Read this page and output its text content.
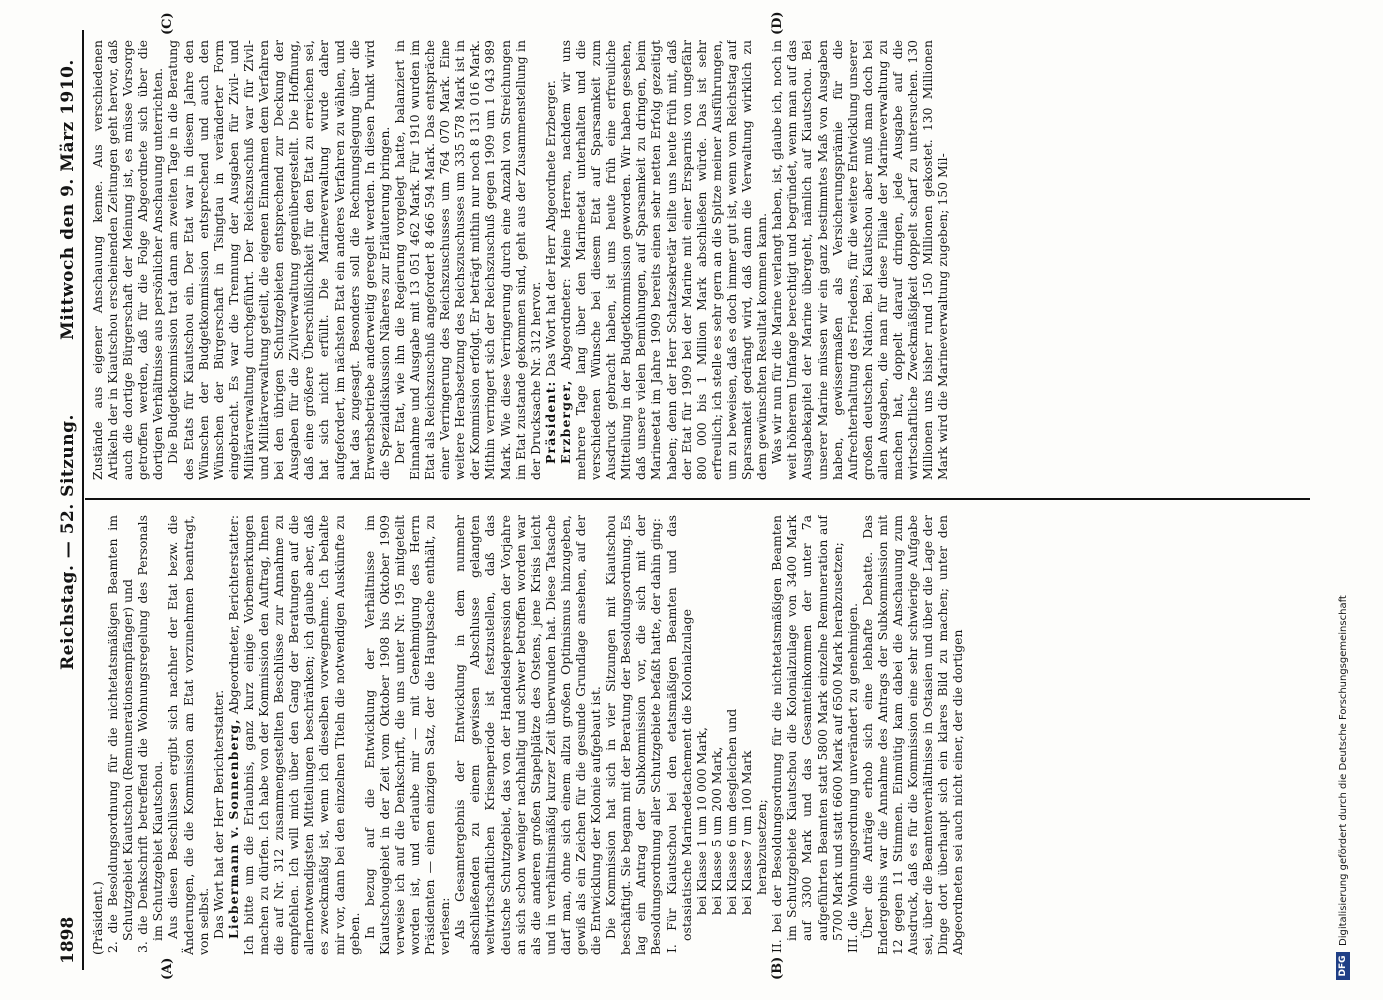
1898
Reichstag. — 52. Sitzung.
Mittwoch den 9. März 1910.
(A)	(B)
(C)	(D)

(Präsident.) 2. die Besoldungsordnung für die nichtetatsmäßigen Beamten im Schutzgebiet Kiautschou (Remunerationsempfänger) und 3. die Denkschrift betreffend die Wohnungsregelung des Personals im Schutzgebiet Kiautschou. Aus diesen Beschlüssen ergibt sich nachher der Etat bezw. die Änderungen, die die Kommission am Etat vorzunehmen beantragt, von selbst. Das Wort hat der Herr Berichterstatter. Liebermann v. Sonnenberg, Abgeordneter, Berichterstatter: Ich bitte um die Erlaubnis, ganz kurz einige Vorbemerkungen machen zu dürfen. Ich habe von der Kommission den Auftrag, Ihnen die auf Nr. 312 zusammengestellten Beschlüsse zur Annahme zu empfehlen. Ich will mich über den Gang der Beratungen auf die allernotwendigsten Mitteilungen beschränken; ich glaube aber, daß es zweckmäßig ist, wenn ich dieselben vorwegnehme. Ich behalte mir vor, dann bei den einzelnen Titeln die notwendigen Auskünfte zu geben. In bezug auf die Entwicklung der Verhältnisse im Kiautschougebiet in der Zeit vom Oktober 1908 bis Oktober 1909 verweise ich auf die Denkschrift, die uns unter Nr. 195 mitgeteilt worden ist, und erlaube mir — mit Genehmigung des Herrn Präsidenten — einen einzigen Satz, der die Hauptsache enthält, zu verlesen: Als Gesamtergebnis der Entwicklung in dem nunmehr abschließenden zu einem gewissen Abschlusse gelangten weltwirtschaftlichen Krisenperiode ist festzustellen, daß das deutsche Schutzgebiet, das von der Handelsdepression der Vorjahre an sich schon weniger nachhaltig und schwer betroffen worden war als die anderen großen Stapelplätze des Ostens, jene Krisis leicht und in verhältnismäßig kurzer Zeit überwunden hat. Diese Tatsache darf man, ohne sich einem allzu großen Optimismus hinzugeben, gewiß als ein Zeichen für die gesunde Grundlage ansehen, auf der die Entwicklung der Kolonie aufgebaut ist. Die Kommission hat sich in vier Sitzungen mit Kiautschou beschäftigt. Sie begann mit der Beratung der Besoldungsordnung. Es lag ein Antrag der Subkommission vor, die sich mit der Besoldungsordnung aller Schutzgebiete befaßt hatte, der dahin ging: I. Für Kiautschou bei den etatsmäßigen Beamten und das ostasiatische Marinedetachement die Kolonialzulage bei Klasse 1 um 10 000 Mark, bei Klasse 5 um 200 Mark, bei Klasse 6 um desgleichen und bei Klasse 7 um 100 Mark herabzusetzen; II. bei der Besoldungsordnung für die nichtetatsmäßigen Beamten im Schutzgebiete Kiautschou die Kolonialzulage von 3400 Mark auf 3300 Mark und das Gesamteinkommen der unter 7a aufgeführten Beamten statt 5800 Mark einzelne Remuneration auf 5700 Mark und statt 6600 Mark auf 6500 Mark herabzusetzen; III. die Wohnungsordnung unverändert zu genehmigen. Über die Anträge erhob sich eine lebhafte Debatte. Das Endergebnis war die Annahme des Antrags der Subkommission mit 12 gegen 11 Stimmen. Einmütig kam dabei die Anschauung zum Ausdruck, daß es für die Kommission eine sehr schwierige Aufgabe sei, über die Beamtenverhältnisse in Ostasien und über die Lage der Dinge dort überhaupt sich ein klares Bild zu machen; unter den Abgeordneten sei auch nicht einer, der die dortigen

Zustände aus eigener Anschauung kenne. Aus verschiedenen Artikeln der in Kiautschou erscheinenden Zeitungen geht hervor, daß auch die dortige Bürgerschaft der Meinung ist, es müsse Vorsorge getroffen werden, daß für die Folge Abgeordnete sich über die dortigen Verhältnisse aus persönlicher Anschauung unterrichten. Die Budgetkommission trat dann am zweiten Tage in die Beratung des Etats für Kiautschou ein. Der Etat war in diesem Jahre den Wünschen der Budgetkommission entsprechend und auch den Wünschen der Bürgerschaft in Tsingtau in veränderter Form eingebracht. Es war die Trennung der Ausgaben für Zivil- und Militärverwaltung durchgeführt. Der Reichszuschuß war für Zivil- und Militärverwaltung geteilt, die eigenen Einnahmen dem Verfahren bei den übrigen Schutzgebieten entsprechend zur Deckung der Ausgaben für die Zivilverwaltung gegenübergestellt. Die Hoffnung, daß eine größere Überschüßlichkeit für den Etat zu erreichen sei, hat sich nicht erfüllt. Die Marineverwaltung wurde daher aufgefordert, im nächsten Etat ein anderes Verfahren zu wählen, und hat das zugesagt. Besonders soll die Rechnungslegung über die Erwerbsbetriebe anderweitig geregelt werden. In diesen Punkt wird die Spezialdiskussion Näheres zur Erläuterung bringen. Der Etat, wie ihn die Regierung vorgelegt hatte, balanziert in Einnahme und Ausgabe mit 13 051 462 Mark. Für 1910 wurden im Etat als Reichszuschuß angefordert 8 466 594 Mark. Das entspräche einer Verringerung des Reichszuschusses um 764 070 Mark. Eine weitere Herabsetzung des Reichszuschusses um 335 578 Mark ist in der Kommission erfolgt. Er beträgt mithin nur noch 8 131 016 Mark. Mithin verringert sich der Reichszuschuß gegen 1909 um 1 043 989 Mark. Wie diese Verringerung durch eine Anzahl von Streichungen im Etat zustande gekommen sind, geht aus der Zusammenstellung in der Drucksache Nr. 312 hervor. Präsident: Das Wort hat der Herr Abgeordnete Erzberger.

Erzberger, Abgeordneter: Meine Herren, nachdem wir uns mehrere Tage lang über den Marineetat unterhalten und die verschiedenen Wünsche bei diesem Etat auf Sparsamkeit zum Ausdruck gebracht haben, ist uns heute früh eine erfreuliche Mitteilung in der Budgetkommission geworden. Wir haben gesehen, daß unsere vielen Bemühungen, auf Sparsamkeit zu dringen, beim Marineetat im Jahre 1909 bereits einen sehr netten Erfolg gezeitigt haben; denn der Herr Schatzsekretär teilte uns heute früh mit, daß der Etat für 1909 bei der Marine mit einer Ersparnis von ungefähr 800 000 bis 1 Million Mark abschließen würde. Das ist sehr erfreulich; ich stelle es sehr gern an die Spitze meiner Ausführungen, um zu beweisen, daß es doch immer gut ist, wenn vom Reichstag auf Sparsamkeit gedrängt wird, daß dann die Verwaltung wirklich zu dem gewünschten Resultat kommen kann. Was wir nun für die Marine verlangt haben, ist, glaube ich, noch in weit höherem Umfange berechtigt und begründet, wenn man auf das Ausgabekapitel der Marine übergeht, nämlich auf Kiautschou. Bei unserer Marine müssen wir ein ganz bestimmtes Maß von Ausgaben haben, gewissermaßen als Versicherungsprämie für die Aufrechterhaltung des Friedens, für die weitere Entwicklung unserer großen deutschen Nation. Bei Kiautschou aber muß man doch bei allen Ausgaben, die man für diese Filiale der Marineverwaltung zu machen hat, doppelt darauf dringen, jede Ausgabe auf die wirtschaftliche Zweckmäßigkeit doppelt scharf zu untersuchen. 130 Millionen uns bisher rund 150 Millionen gekostet. 130 Millionen Mark wird die Marineverwaltung zugeben; 150 Mil-

DFG
Digitalisierung gefördert durch die Deutsche Forschungsgemeinschaft
